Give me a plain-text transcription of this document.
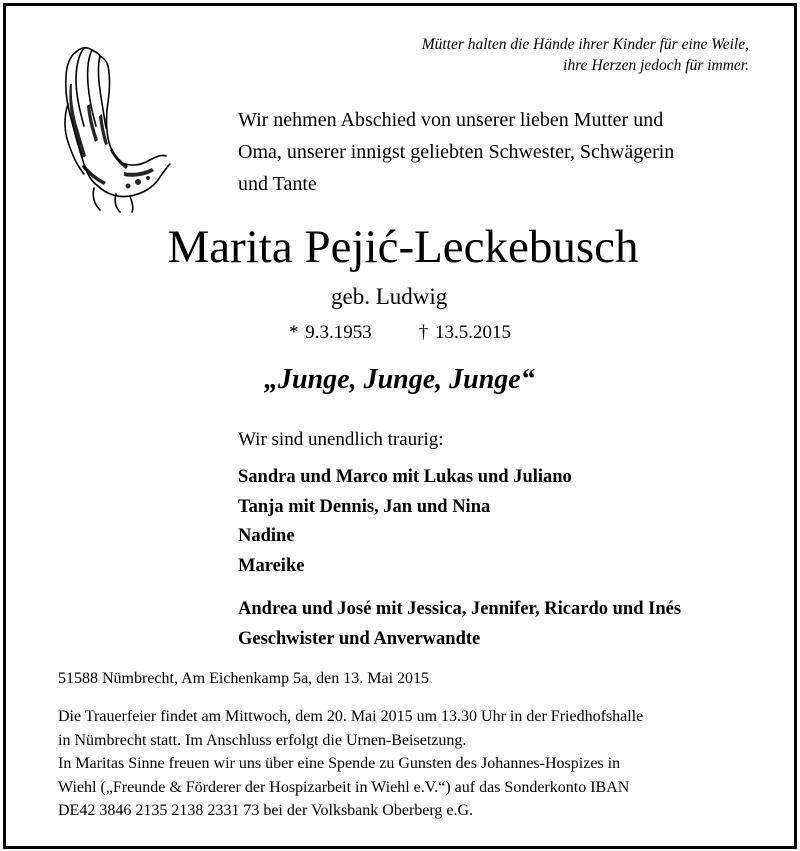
Mütter halten die Hände ihrer Kinder für eine Weile,
ihre Herzen jedoch für immer.

Wir nehmen Abschied von unserer lieben Mutter und

Oma, unserer innigst geliebten Schwester, Schwägerin

und Tante

Marita Pejić-Leckebusch
geb. Ludwig
* 9.3.1953 † 13.5.2015
„Junge, Junge, Junge“
Wir sind unendlich traurig:
Sandra und Marco mit Lukas und Juliano
Tanja mit Dennis, Jan und Nina
Nadine
Mareike
Andrea und José mit Jessica, Jennifer, Ricardo und Inés
Geschwister und Anverwandte
51588 Nümbrecht, Am Eichenkamp 5a, den 13. Mai 2015

Die Trauerfeier findet am Mittwoch, dem 20. Mai 2015 um 13.30 Uhr in der Friedhofshalle

in Nümbrecht statt. Im Anschluss erfolgt die Urnen-Beisetzung.

In Maritas Sinne freuen wir uns über eine Spende zu Gunsten des Johannes-Hospizes in

Wiehl („Freunde & Förderer der Hospizarbeit in Wiehl e.V.“) auf das Sonderkonto IBAN

DE42 3846 2135 2138 2331 73 bei der Volksbank Oberberg e.G.
